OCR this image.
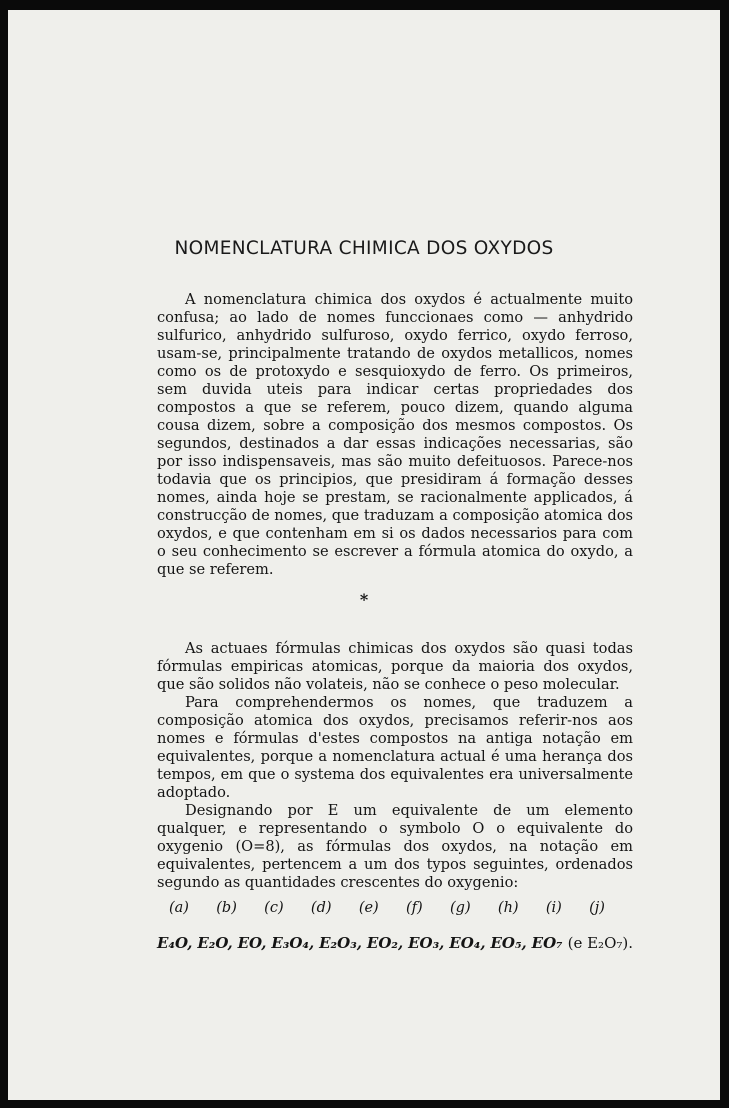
NOMENCLATURA CHIMICA DOS OXYDOS

A nomenclatura chimica dos oxydos é actualmente muito confusa; ao lado de nomes funccionaes como — anhydrido sulfurico, anhydrido sulfuroso, oxydo ferrico, oxydo ferroso, usam-se, principalmente tratando de oxydos metallicos, nomes como os de protoxydo e sesquioxydo de ferro. Os primeiros, sem duvida uteis para indicar certas propriedades dos compostos a que se referem, pouco dizem, quando alguma cousa dizem, sobre a composição dos mesmos compostos. Os segundos, destinados a dar essas indicações necessarias, são por isso indispensaveis, mas são muito defeituosos. Parece-nos todavia que os principios, que presidiram á formação desses nomes, ainda hoje se prestam, se racionalmente applicados, á construcção de nomes, que traduzam a composição atomica dos oxydos, e que contenham em si os dados necessarios para com o seu conhecimento se escrever a fórmula atomica do oxydo, a que se referem.

*

As actuaes fórmulas chimicas dos oxydos são quasi todas fórmulas empiricas atomicas, porque da maioria dos oxydos, que são solidos não volateis, não se conhece o peso molecular.

Para comprehendermos os nomes, que traduzem a composição atomica dos oxydos, precisamos referir-nos aos nomes e fórmulas d'estes compostos na antiga notação em equivalentes, porque a nomenclatura actual é uma herança dos tempos, em que o systema dos equivalentes era universalmente adoptado.

Designando por E um equivalente de um elemento qualquer, e representando o symbolo O o equivalente do oxygenio (O=8), as fórmulas dos oxydos, na notação em equivalentes, pertencem a um dos typos seguintes, ordenados segundo as quantidades crescentes do oxygenio:

(a) (b) (c) (d) (e) (f) (g) (h) (i) (j)
E₄O, E₂O, EO, E₃O₄, E₂O₃, EO₂, EO₃, EO₄, EO₅, EO₇ (e E₂O₇).
